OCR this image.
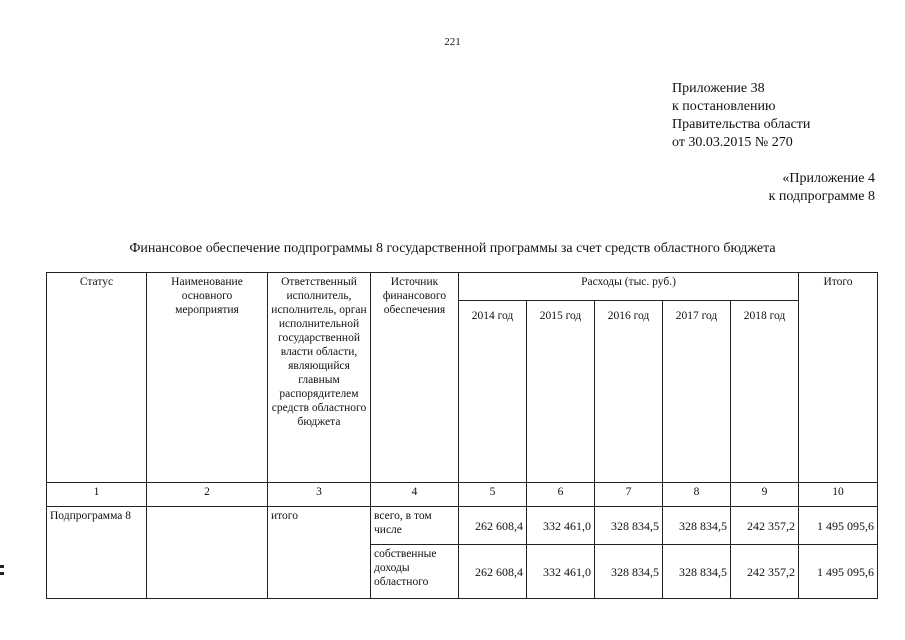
221
Приложение 38
к постановлению
Правительства области
от 30.03.2015 № 270
«Приложение 4
к подпрограмме 8
Финансовое обеспечение подпрограммы 8 государственной программы за счет средств областного бюджета
Статус	Наименование основного мероприятия	Ответственный исполнитель, исполнитель, орган исполнительной государственной власти области, являющийся главным распорядителем средств областного бюджета	Источник финансового обеспечения	Расходы (тыс. руб.)					Итого
				2014 год	2015 год	2016 год	2017 год	2018 год	
1	2	3	4	5	6	7	8	9	10
Подпрограмма 8		итого	всего, в том числе	262 608,4	332 461,0	328 834,5	328 834,5	242 357,2	1 495 095,6
			собственные доходы областного	262 608,4	332 461,0	328 834,5	328 834,5	242 357,2	1 495 095,6
